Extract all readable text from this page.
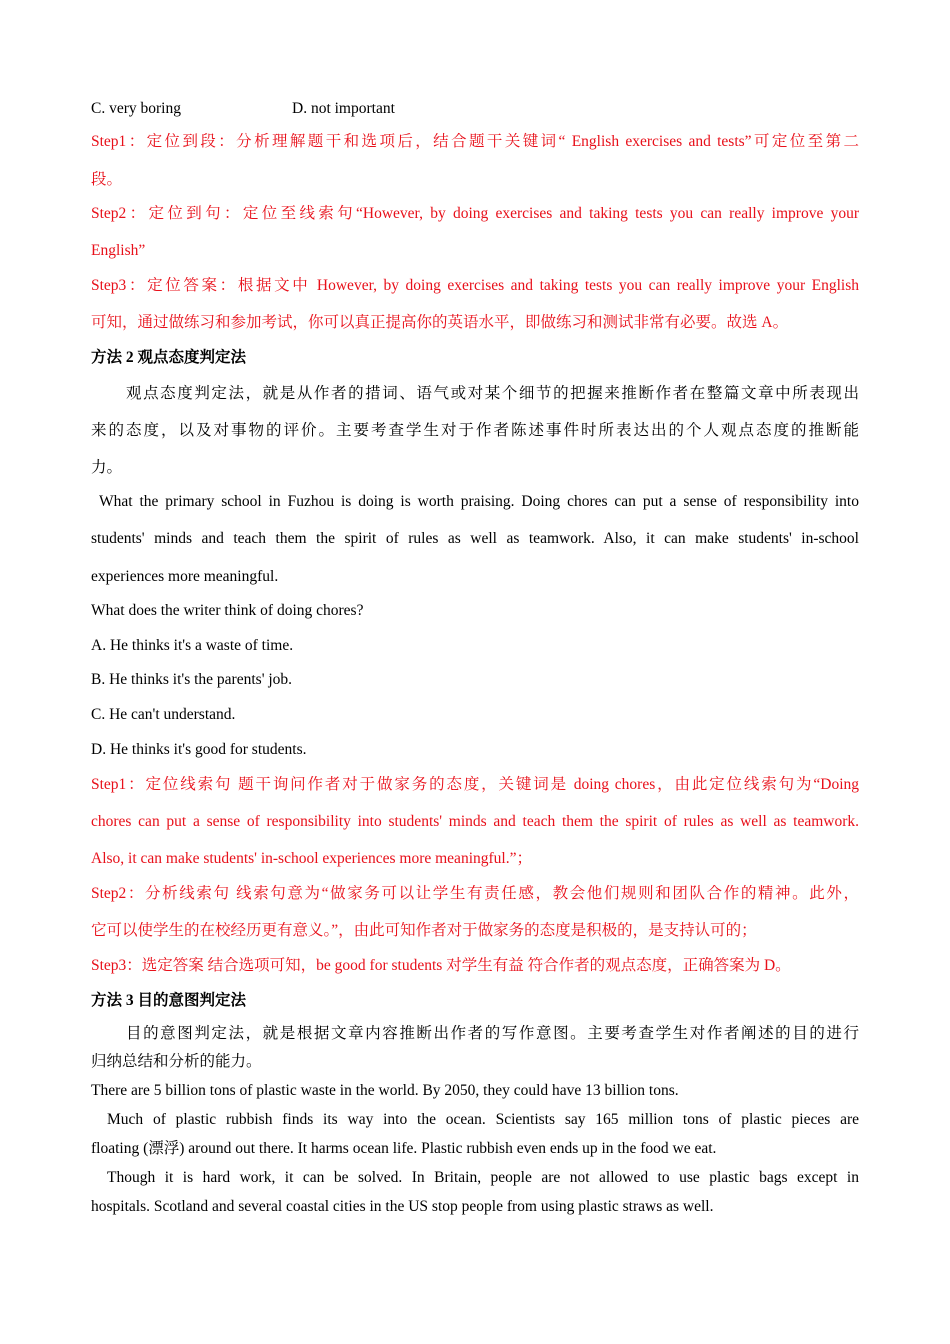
C. very boring	D. not important
Step1：定位到段：分析理解题干和选项后，结合题干关键词“ English exercises and tests”可定位至第二
段。
Step2：定位到句：定位至线索句“However, by doing exercises and taking tests you can really improve your
English”
Step3：定位答案：根据文中 However, by doing exercises and taking tests you can really improve your English
可知，通过做练习和参加考试，你可以真正提高你的英语水平，即做练习和测试非常有必要。故选 A。
方法 2 观点态度判定法
观点态度判定法，就是从作者的措词、语气或对某个细节的把握来推断作者在整篇文章中所表现出
来的态度，以及对事物的评价。主要考查学生对于作者陈述事件时所表达出的个人观点态度的推断能
力。
What the primary school in Fuzhou is doing is worth praising. Doing chores can put a sense of responsibility into
students' minds and teach them the spirit of rules as well as teamwork. Also, it can make students' in-school
experiences more meaningful.
What does the writer think of doing chores?
A. He thinks it's a waste of time.
B. He thinks it's the parents' job.
C. He can't understand.
D. He thinks it's good for students.
Step1：定位线索句 题干询问作者对于做家务的态度，关键词是 doing chores，由此定位线索句为“Doing
chores can put a sense of responsibility into students' minds and teach them the spirit of rules as well as teamwork.
Also, it can make students' in-school experiences more meaningful.”；
Step2：分析线索句 线索句意为“做家务可以让学生有责任感，教会他们规则和团队合作的精神。此外，
它可以使学生的在校经历更有意义。”，由此可知作者对于做家务的态度是积极的，是支持认可的；
Step3：选定答案 结合选项可知，be good for students 对学生有益 符合作者的观点态度，正确答案为 D。
方法 3 目的意图判定法
目的意图判定法，就是根据文章内容推断出作者的写作意图。主要考查学生对作者阐述的目的进行
归纳总结和分析的能力。
There are 5 billion tons of plastic waste in the world. By 2050, they could have 13 billion tons.
Much of plastic rubbish finds its way into the ocean. Scientists say 165 million tons of plastic pieces are
floating (漂浮) around out there. It harms ocean life. Plastic rubbish even ends up in the food we eat.
Though it is hard work, it can be solved. In Britain, people are not allowed to use plastic bags except in
hospitals. Scotland and several coastal cities in the US stop people from using plastic straws as well.
